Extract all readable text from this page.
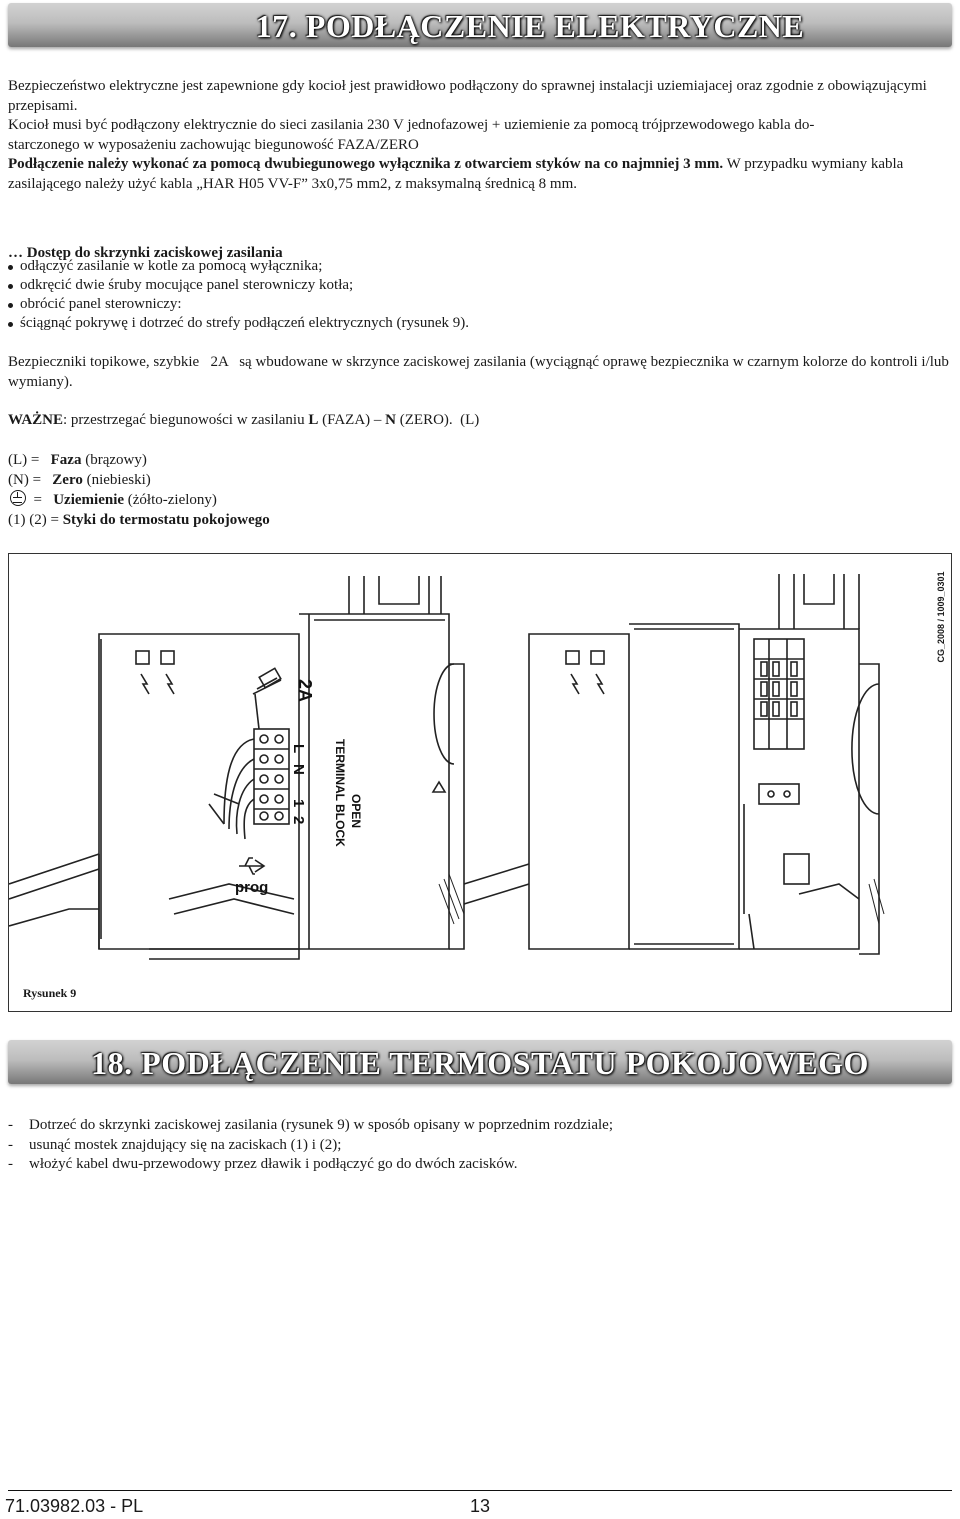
17. PODŁĄCZENIE ELEKTRYCZNE

Bezpieczeństwo elektryczne jest zapewnione gdy kocioł jest prawidłowo podłączony do sprawnej instalacji uziemiajacej oraz zgodnie z obowiązującymi przepisami.

Kocioł musi być podłączony elektrycznie do sieci zasilania 230 V jednofazowej + uziemienie za pomocą trójprzewodowego kabla do-

starczonego w wyposażeniu zachowując biegunowość FAZA/ZERO

Podłączenie należy wykonać za pomocą dwubiegunowego wyłącznika z otwarciem styków na co najmniej 3 mm. W przypadku wymiany kabla zasilającego należy użyć kabla „HAR H05 VV-F” 3x0,75 mm2, z maksymalną średnicą 8 mm.

… Dostęp do skrzynki zaciskowej zasilania

odłączyć zasilanie w kotle za pomocą wyłącznika;
odkręcić dwie śruby mocujące panel sterowniczy kotła;
obrócić panel sterowniczy:
ściągnąć pokrywę i dotrzeć do strefy podłączeń elektrycznych (rysunek 9).

Bezpieczniki topikowe, szybkie   2A   są wbudowane w skrzynce zaciskowej zasilania (wyciągnąć oprawę bezpiecznika w czarnym kolorze do kontroli i/lub wymiany).

WAŻNE: przestrzegać biegunowości w zasilaniu L (FAZA) – N (ZERO).  (L)

(L) =   Faza (brązowy)

(N) =   Zero (niebieski)

=   Uziemienie (żółto-zielony)

(1) (2) = Styki do termostatu pokojowego

2A
L
N
1
2	OPEN
TERMINAL BLOCK
prog
CG_2008 / 1009_0301
Rysunek 9
18. PODŁĄCZENIE TERMOSTATU POKOJOWEGO
- Dotrzeć do skrzynki zaciskowej zasilania (rysunek 9) w sposób opisany w poprzednim rozdziale;
- usunąć mostek znajdujący się na zaciskach (1) i (2);
- włożyć kabel dwu-przewodowy przez dławik i podłączyć go do dwóch zacisków.
71.03982.03 - PL	13
